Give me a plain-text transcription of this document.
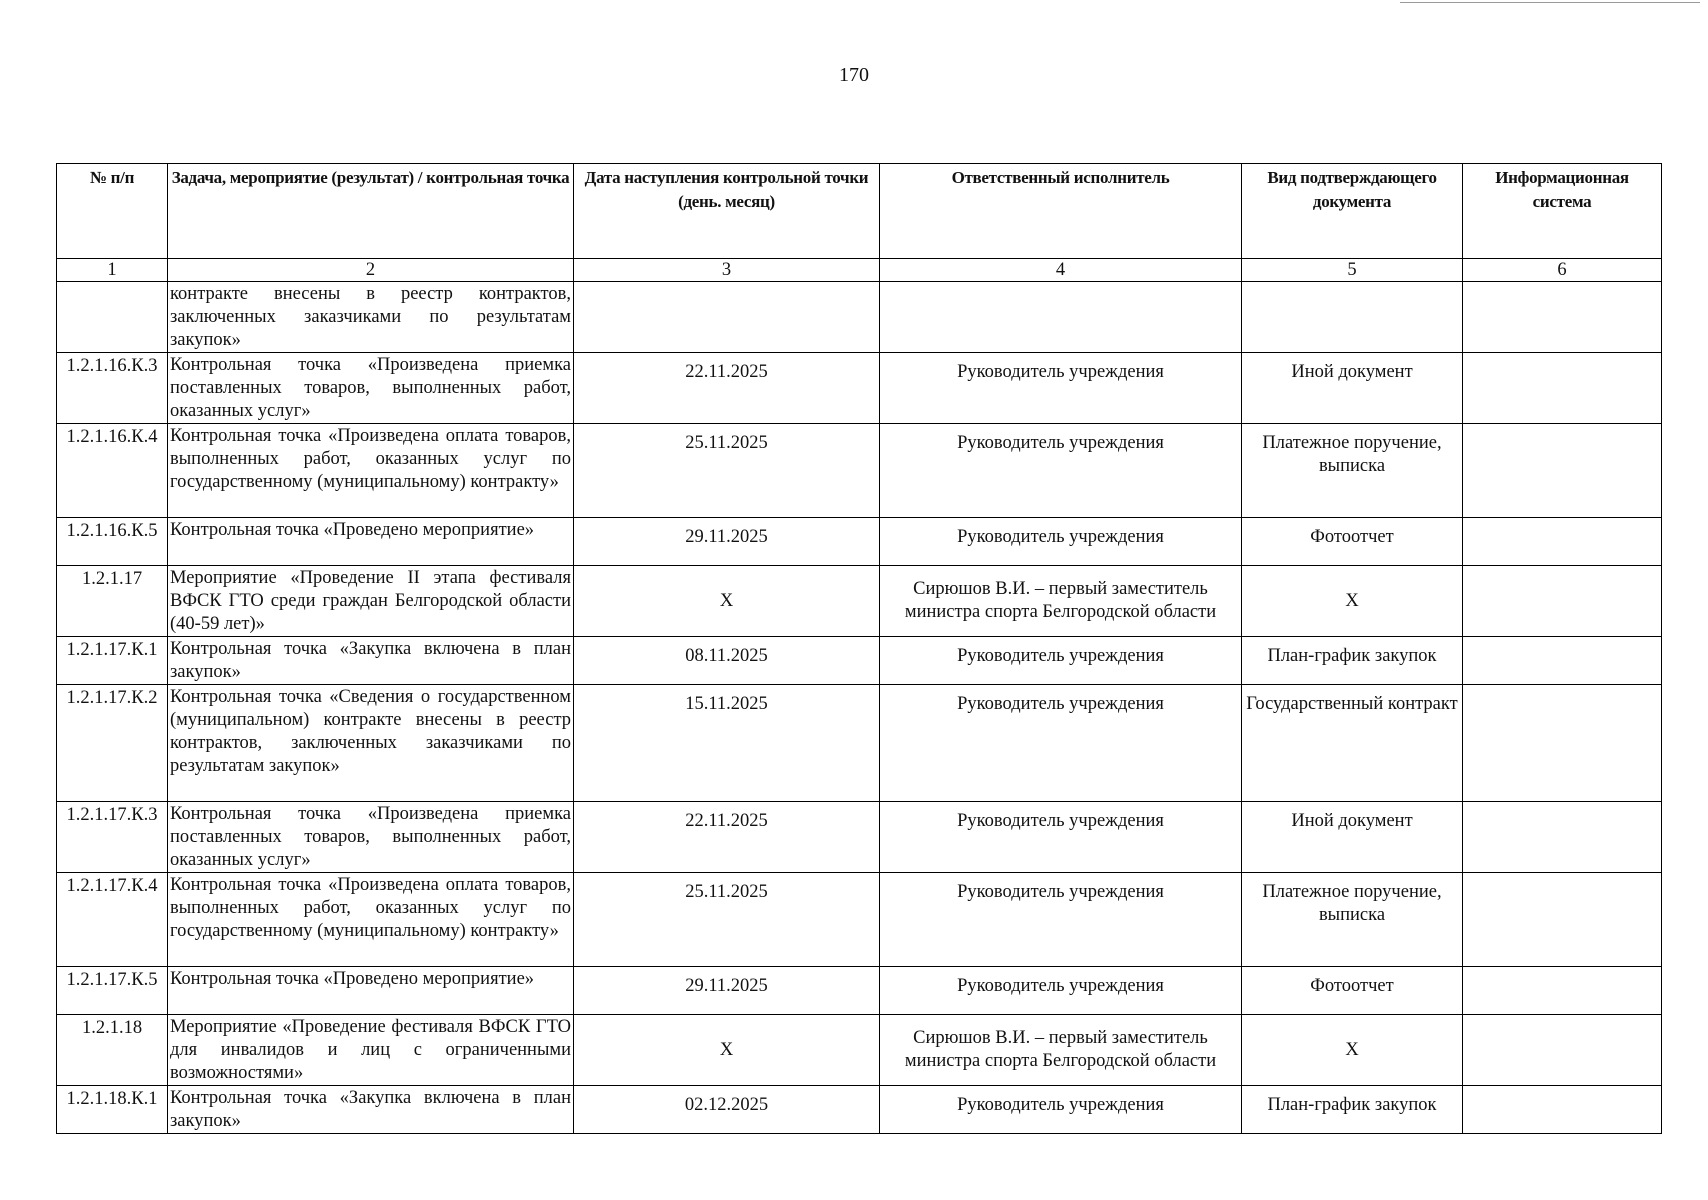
170
№ п/п	Задача, мероприятие (результат) / контрольная точка	Дата наступления контрольной точки (день. месяц)	Ответственный исполнитель	Вид подтверждающего документа	Информационная система
1	2	3	4	5	6
	контракте внесены в реестр контрактов, заключенных заказчиками по результатам закупок»				
1.2.1.16.К.3	Контрольная точка «Произведена приемка поставленных товаров, выполненных работ, оказанных услуг»	22.11.2025	Руководитель учреждения	Иной документ	
1.2.1.16.К.4	Контрольная точка «Произведена оплата товаров, выполненных работ, оказанных услуг по государственному (муниципальному) контракту»	25.11.2025	Руководитель учреждения	Платежное поручение, выписка	
1.2.1.16.К.5	Контрольная точка «Проведено мероприятие»	29.11.2025	Руководитель учреждения	Фотоотчет	
1.2.1.17	Мероприятие «Проведение II этапа фестиваля ВФСК ГТО среди граждан Белгородской области (40-59 лет)»	X	Сирюшов В.И. – первый заместитель министра спорта Белгородской области	X	
1.2.1.17.К.1	Контрольная точка «Закупка включена в план закупок»	08.11.2025	Руководитель учреждения	План-график закупок	
1.2.1.17.К.2	Контрольная точка «Сведения о государственном (муниципальном) контракте внесены в реестр контрактов, заключенных заказчиками по результатам закупок»	15.11.2025	Руководитель учреждения	Государственный контракт	
1.2.1.17.К.3	Контрольная точка «Произведена приемка поставленных товаров, выполненных работ, оказанных услуг»	22.11.2025	Руководитель учреждения	Иной документ	
1.2.1.17.К.4	Контрольная точка «Произведена оплата товаров, выполненных работ, оказанных услуг по государственному (муниципальному) контракту»	25.11.2025	Руководитель учреждения	Платежное поручение, выписка	
1.2.1.17.К.5	Контрольная точка «Проведено мероприятие»	29.11.2025	Руководитель учреждения	Фотоотчет	
1.2.1.18	Мероприятие «Проведение фестиваля ВФСК ГТО для инвалидов и лиц с ограниченными возможностями»	X	Сирюшов В.И. – первый заместитель министра спорта Белгородской области	X	
1.2.1.18.К.1	Контрольная точка «Закупка включена в план закупок»	02.12.2025	Руководитель учреждения	План-график закупок	
